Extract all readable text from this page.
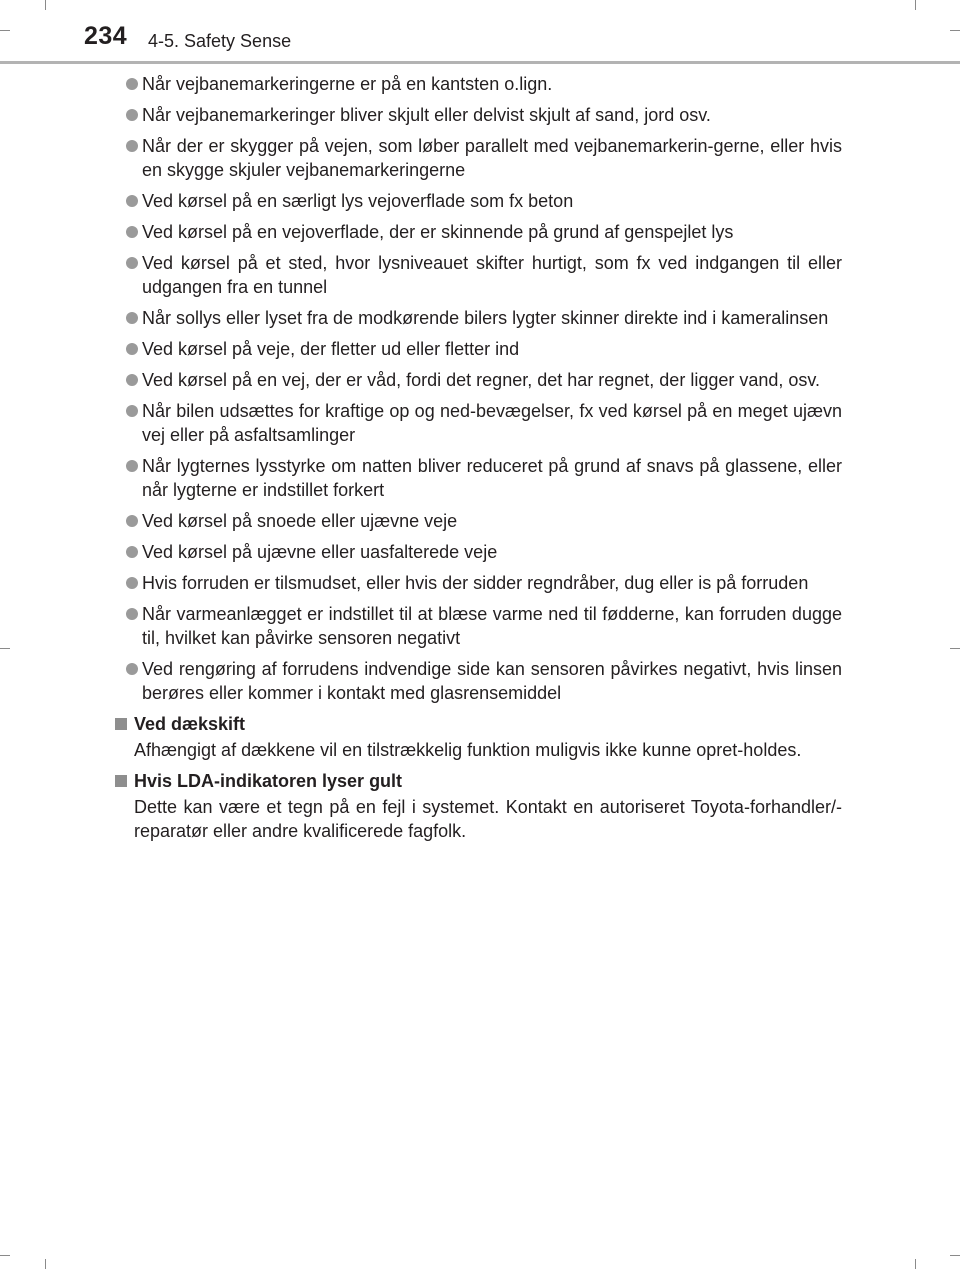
234 4-5. Safety Sense
Når vejbanemarkeringerne er på en kantsten o.lign.
Når vejbanemarkeringer bliver skjult eller delvist skjult af sand, jord osv.
Når der er skygger på vejen, som løber parallelt med vejbanemarkerin-gerne, eller hvis en skygge skjuler vejbanemarkeringerne
Ved kørsel på en særligt lys vejoverflade som fx beton
Ved kørsel på en vejoverflade, der er skinnende på grund af genspejlet lys
Ved kørsel på et sted, hvor lysniveauet skifter hurtigt, som fx ved indgangen til eller udgangen fra en tunnel
Når sollys eller lyset fra de modkørende bilers lygter skinner direkte ind i kameralinsen
Ved kørsel på veje, der fletter ud eller fletter ind
Ved kørsel på en vej, der er våd, fordi det regner, det har regnet, der ligger vand, osv.
Når bilen udsættes for kraftige op og ned-bevægelser, fx ved kørsel på en meget ujævn vej eller på asfaltsamlinger
Når lygternes lysstyrke om natten bliver reduceret på grund af snavs på glassene, eller når lygterne er indstillet forkert
Ved kørsel på snoede eller ujævne veje
Ved kørsel på ujævne eller uasfalterede veje
Hvis forruden er tilsmudset, eller hvis der sidder regndråber, dug eller is på forruden
Når varmeanlægget er indstillet til at blæse varme ned til fødderne, kan forruden dugge til, hvilket kan påvirke sensoren negativt
Ved rengøring af forrudens indvendige side kan sensoren påvirkes negativt, hvis linsen berøres eller kommer i kontakt med glasrensemiddel
Ved dækskift
Afhængigt af dækkene vil en tilstrækkelig funktion muligvis ikke kunne opret-holdes.
Hvis LDA-indikatoren lyser gult
Dette kan være et tegn på en fejl i systemet. Kontakt en autoriseret Toyota-forhandler/-reparatør eller andre kvalificerede fagfolk.
